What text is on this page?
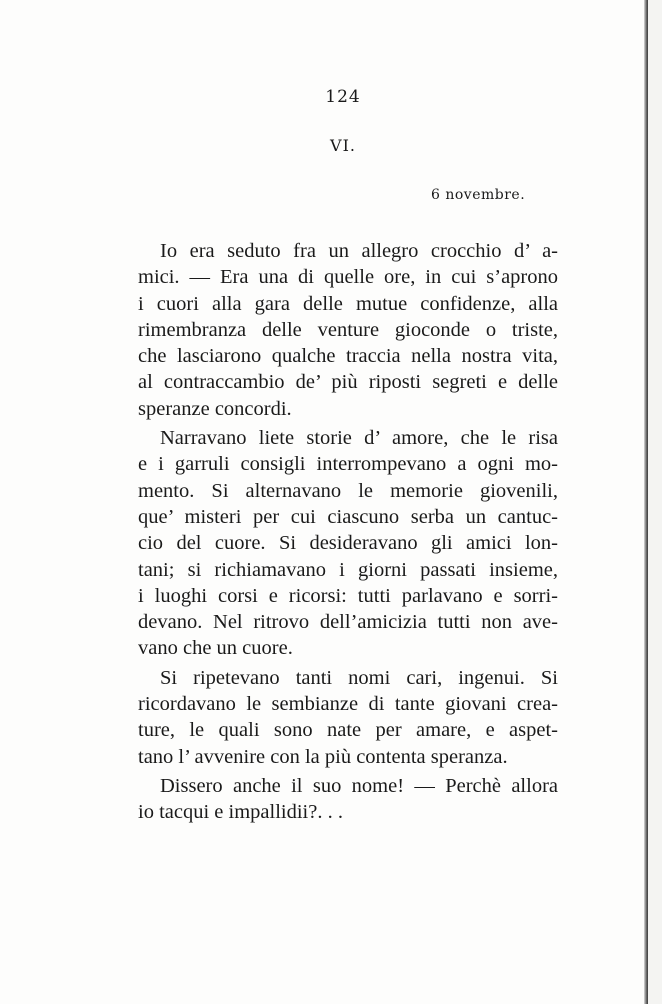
124
VI.
6 novembre.
Io era seduto fra un allegro crocchio d’ a-
mici. — Era una di quelle ore, in cui s’aprono
i cuori alla gara delle mutue confidenze, alla
rimembranza delle venture gioconde o triste,
che lasciarono qualche traccia nella nostra vita,
al contraccambio de’ più riposti segreti e delle
speranze concordi.
Narravano liete storie d’ amore, che le risa
e i garruli consigli interrompevano a ogni mo-
mento. Si alternavano le memorie giovenili,
que’ misteri per cui ciascuno serba un cantuc-
cio del cuore. Si desideravano gli amici lon-
tani; si richiamavano i giorni passati insieme,
i luoghi corsi e ricorsi: tutti parlavano e sorri-
devano. Nel ritrovo dell’amicizia tutti non ave-
vano che un cuore.
Si ripetevano tanti nomi cari, ingenui. Si
ricordavano le sembianze di tante giovani crea-
ture, le quali sono nate per amare, e aspet-
tano l’ avvenire con la più contenta speranza.
Dissero anche il suo nome! — Perchè allora
io tacqui e impallidii?. . .
